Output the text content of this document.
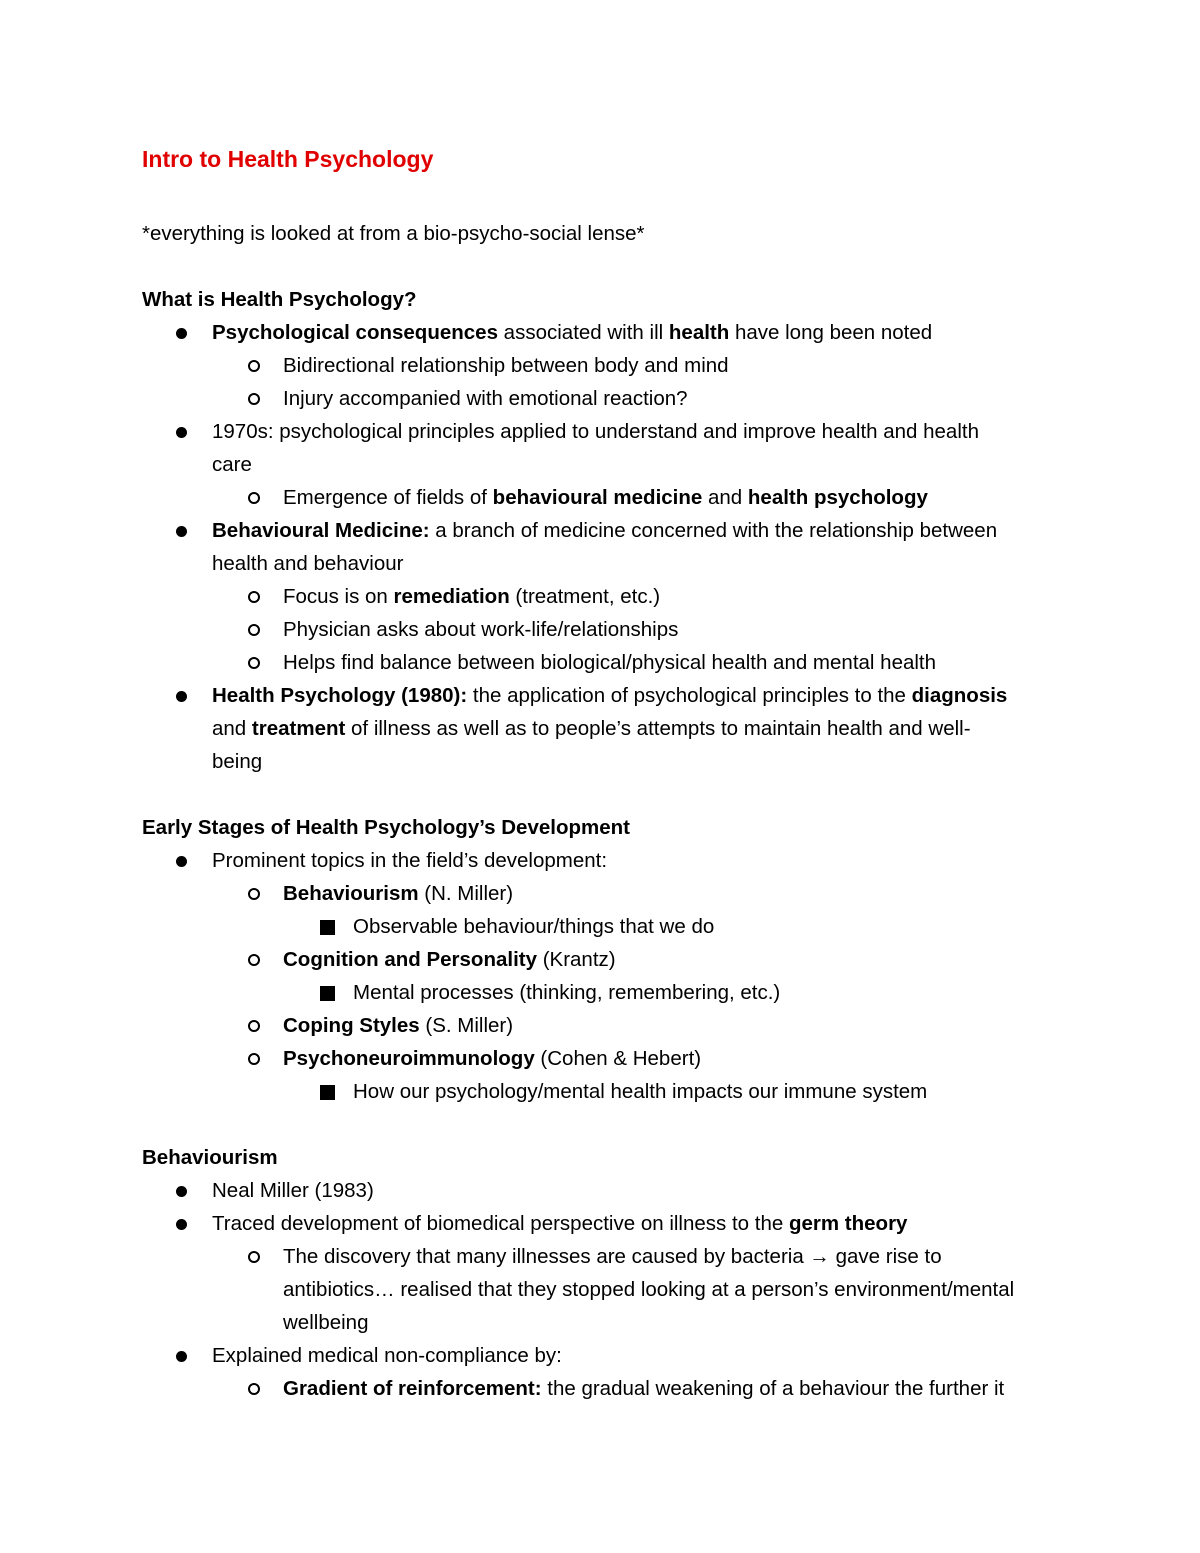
Intro to Health Psychology
*everything is looked at from a bio-psycho-social lense*
What is Health Psychology?
Psychological consequences associated with ill health have long been noted
Bidirectional relationship between body and mind
Injury accompanied with emotional reaction?
1970s: psychological principles applied to understand and improve health and health
care
Emergence of fields of behavioural medicine and health psychology
Behavioural Medicine: a branch of medicine concerned with the relationship between
health and behaviour
Focus is on remediation (treatment, etc.)
Physician asks about work-life/relationships
Helps find balance between biological/physical health and mental health
Health Psychology (1980): the application of psychological principles to the diagnosis
and treatment of illness as well as to people’s attempts to maintain health and well-
being
Early Stages of Health Psychology’s Development
Prominent topics in the field’s development:
Behaviourism (N. Miller)
Observable behaviour/things that we do
Cognition and Personality (Krantz)
Mental processes (thinking, remembering, etc.)
Coping Styles (S. Miller)
Psychoneuroimmunology (Cohen & Hebert)
How our psychology/mental health impacts our immune system
Behaviourism
Neal Miller (1983)
Traced development of biomedical perspective on illness to the germ theory
The discovery that many illnesses are caused by bacteria → gave rise to
antibiotics… realised that they stopped looking at a person’s environment/mental
wellbeing
Explained medical non-compliance by:
Gradient of reinforcement: the gradual weakening of a behaviour the further it
